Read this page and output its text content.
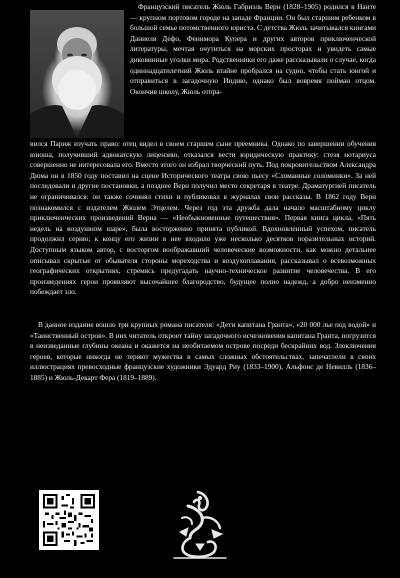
Французский писатель Жюль Габриэль Верн (1828–1905) родился в Нанте — крупном портовом городе на западе Франции. Он был старшим ребенком в большой семье потомственного юриста. С детства Жюль зачитывался книгами Даниеля Дефо, Фенимора Купера и других авторов приключенческой литературы, мечтая очутиться на морских просторах и увидеть самые диковинные уголки мира. Родственники его даже рассказывали о случае, когда одиннадцатилетний Жюль втайне пробрался на судно, чтобы стать юнгой и отправиться в загадочную Индию, однако был вовремя пойман отцом. Окончив школу, Жюль отпра-
вился Париж изучать право: отец видел в своем старшем сыне преемника. Однако по завершении обучения юноша, получивший адвокатскую лицензию, отказался вести юридическую практику: стезя нотариуса совершенно не интересовала его. Вместо этого он избрал творческий путь. Под покровительством Александра Дюма он в 1850 году поставил на сцене Исторического театра свою пьесу «Сломанные соломинки». За ней последовали и другие постановки, а позднее Верн получил место секретаря в театре. Драматургией писатель не ограничивался: он также сочинял стихи и публиковал в журналах свои рассказы. В 1862 году Верн познакомился с издателем Жюлем Этцелем. Через год эта дружба дала начало масштабному циклу приключенческих произведений Верна — «Необыкновенные путешествия». Первая книга цикла, «Пять недель на воздушном шаре», была восторженно принята публикой. Вдохновленный успехом, писатель продолжил серию; к концу его жизни в нее входило уже несколько десятков поразительных историй. Доступным языком автор, с восторгом воображавший человеческие возможности, как можно детальнее описывал скрытые от обывателя стороны мореходства и воздухоплавания, рассказывал о всевозможных географических открытиях, стремясь предугадать научно-техническое развитие человечества. В его произведениях герои проявляют высочайшее благородство, будущее полно надежд, а добро неизменно побеждает зло.
В данное издание вошло три крупных романа писателя: «Дети капитана Гранта», «20 000 лье под водой» и «Таинственный остров». В них читатель откроет тайну загадочного исчезновения капитана Гранта, погрузится в неизведанные глубины океана и окажется на необитаемом острове посреди бескрайних вод. Злоключения героев, которые никогда не теряют мужества в самых сложных обстоятельствах, запечатлели в своих иллюстрациях превосходные французские художники Эдуард Риу (1833–1900), Альфонс де Невилль (1836–1885) и Жюль-Декарт Фера (1819–1889).
